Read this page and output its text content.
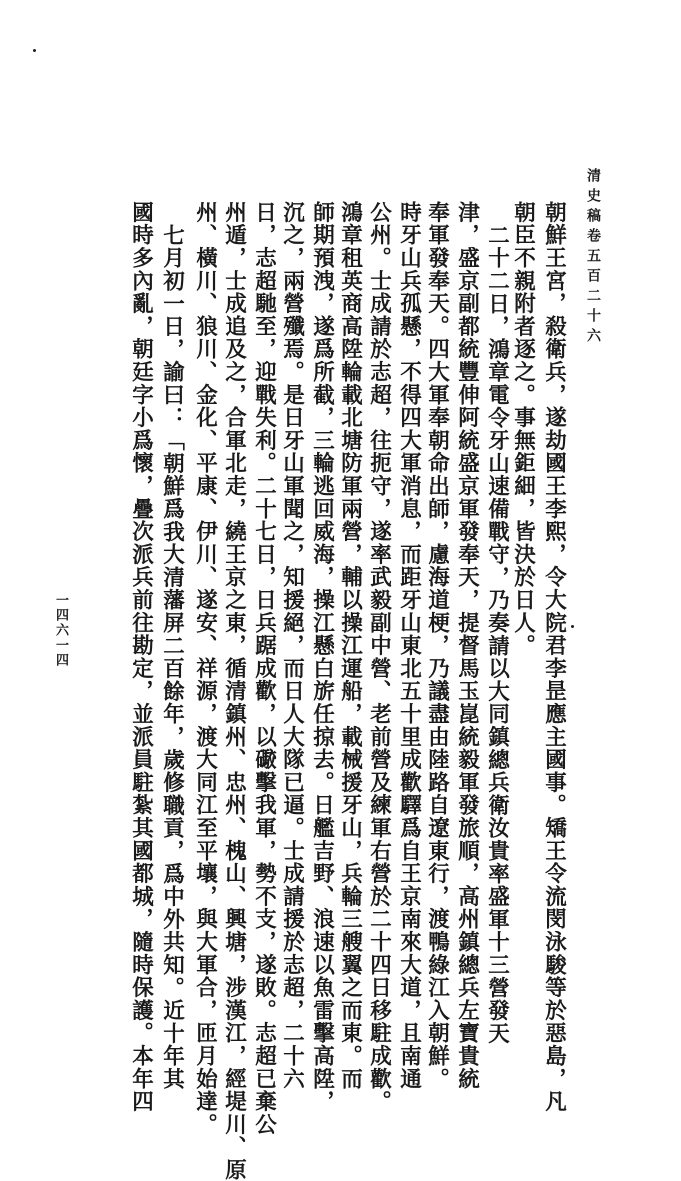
清史稿卷五百二十六
一四六一四	朝鮮王宮，殺衛兵，遂劫國王李熙，令大院君李昰應主國事。矯王令流閔泳駿等於惡島，凡
朝臣不親附者逐之。事無鉅細，皆決於日人。
二十二日，鴻章電令牙山速備戰守，乃奏請以大同鎮總兵衛汝貴率盛軍十三營發天
津，盛京副都統豐伸阿統盛京軍發奉天，提督馬玉崑統毅軍發旅順，高州鎮總兵左寶貴統
奉軍發奉天。四大軍奉朝命出師，慮海道梗，乃議盡由陸路自遼東行，渡鴨綠江入朝鮮。
時牙山兵孤懸，不得四大軍消息，而距牙山東北五十里成歡驛爲自王京南來大道，且南通
公州。士成請於志超，往扼守，遂率武毅副中營、老前營及練軍右營於二十四日移駐成歡。
鴻章租英商高陞輪載北塘防軍兩營，輔以操江運船，載械援牙山，兵輪三艘翼之而東。而
師期預洩，遂爲所截，三輪逃回威海，操江懸白旂任掠去。日艦吉野、浪速以魚雷擊高陞，
沉之，兩營殲焉。是日牙山軍聞之，知援絕，而日人大隊已逼。士成請援於志超，二十六
日，志超馳至，迎戰失利。二十七日，日兵踞成歡，以礮擊我軍，勢不支，遂敗。志超已棄公
州遁，士成追及之，合軍北走，繞王京之東，循清鎮州、忠州、槐山、興塘，涉漢江，經堤川、原
州、橫川、狼川、金化、平康、伊川、遂安、祥源，渡大同江至平壤，與大軍合，匝月始達。
七月初一日，諭曰：「朝鮮爲我大清藩屏二百餘年，歲修職貢，爲中外共知。近十年其
國時多內亂，朝廷字小爲懷，疊次派兵前往勘定，並派員駐紮其國都城，隨時保護。本年四
